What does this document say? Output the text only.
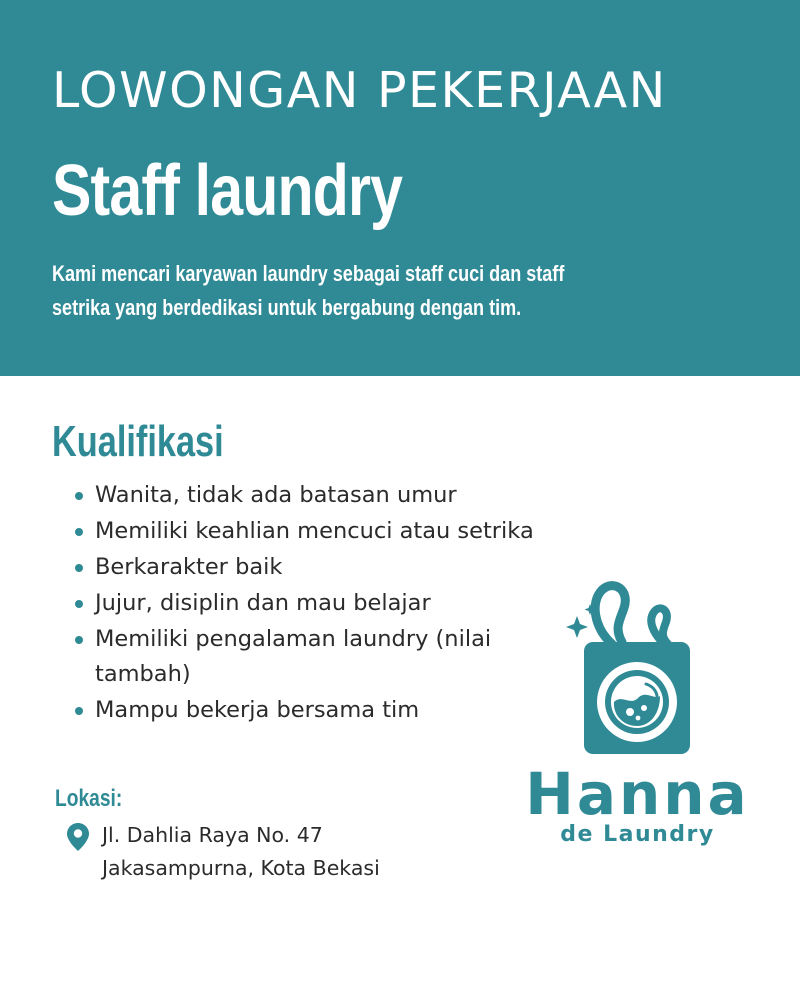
LOWONGAN PEKERJAAN
Staff laundry
Kami mencari karyawan laundry sebagai staff cuci dan staff
setrika yang berdedikasi untuk bergabung dengan tim.
Kualifikasi
Wanita, tidak ada batasan umur
Memiliki keahlian mencuci atau setrika
Berkarakter baik
Jujur, disiplin dan mau belajar
Memiliki pengalaman laundry (nilai tambah)
Mampu bekerja bersama tim
Lokasi:
Jl. Dahlia Raya No. 47
Jakasampurna, Kota Bekasi
Hanna
de Laundry
